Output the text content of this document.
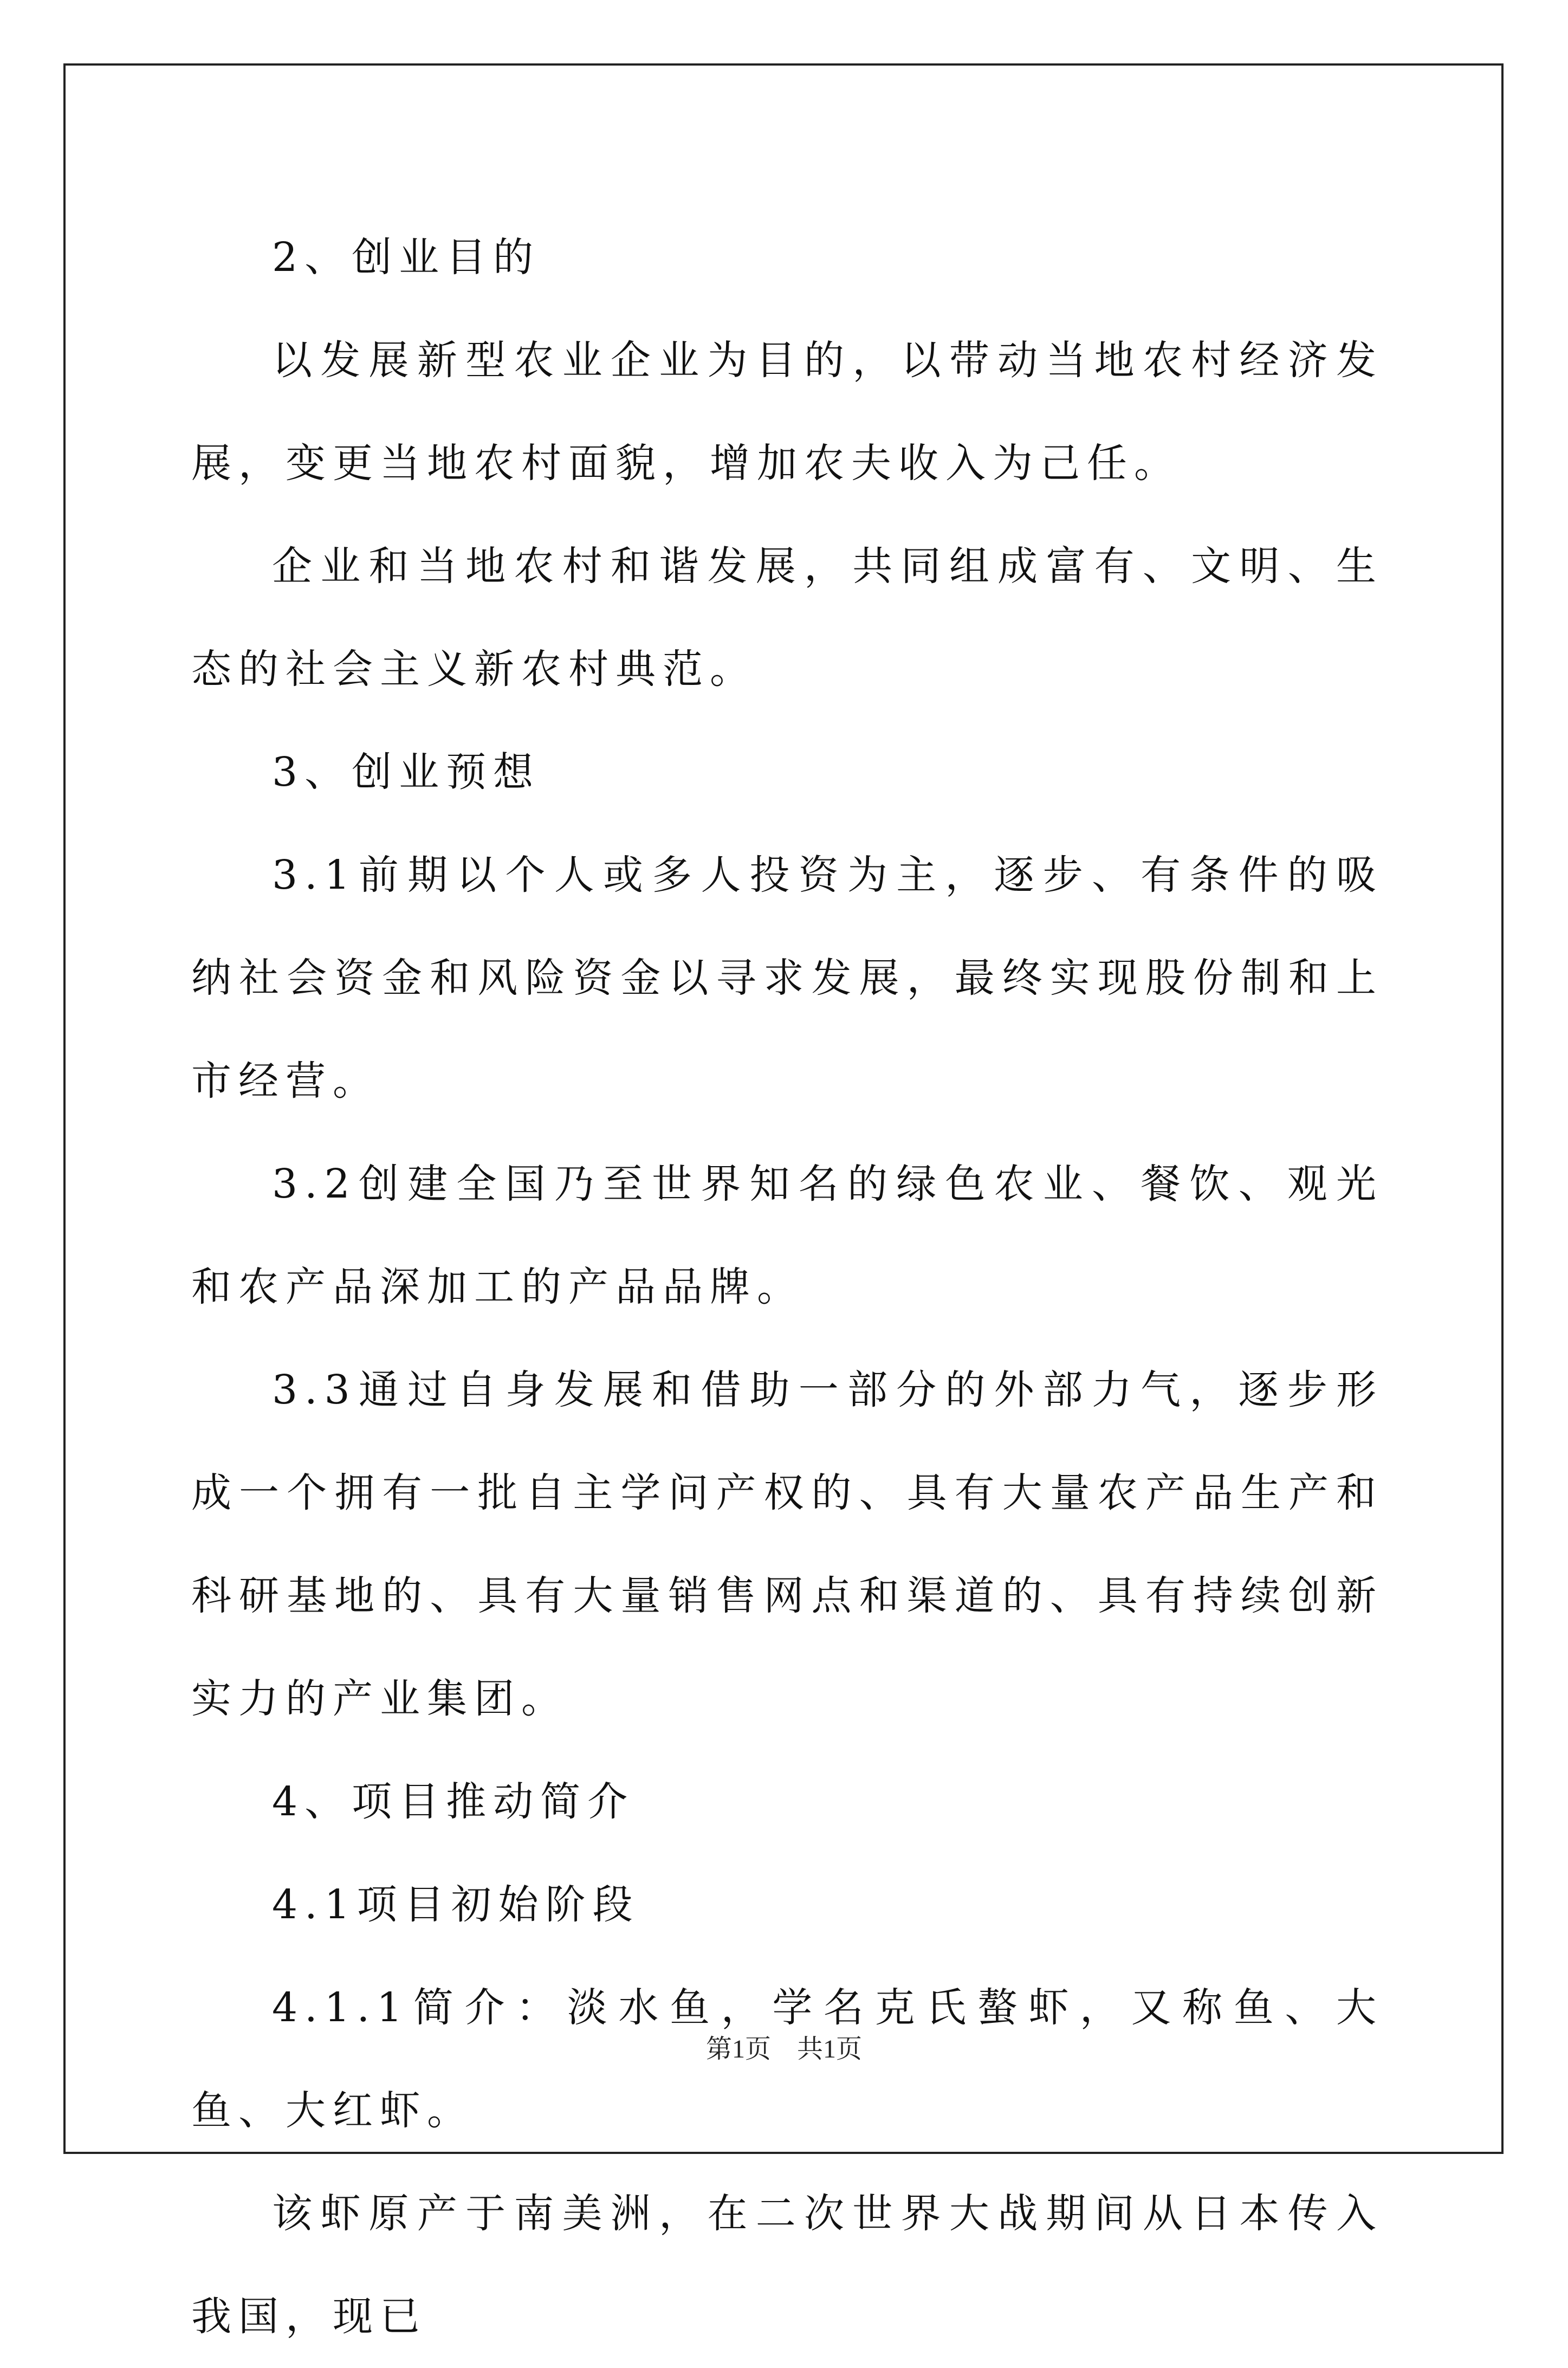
2、创业目的

以发展新型农业企业为目的，以带动当地农村经济发展，变更当地农村面貌，增加农夫收入为己任。

企业和当地农村和谐发展，共同组成富有、文明、生态的社会主义新农村典范。

3、创业预想

3.1前期以个人或多人投资为主，逐步、有条件的吸纳社会资金和风险资金以寻求发展，最终实现股份制和上市经营。

3.2创建全国乃至世界知名的绿色农业、餐饮、观光和农产品深加工的产品品牌。

3.3通过自身发展和借助一部分的外部力气，逐步形成一个拥有一批自主学问产权的、具有大量农产品生产和科研基地的、具有大量销售网点和渠道的、具有持续创新实力的产业集团。

4、项目推动简介

4.1项目初始阶段

4.1.1简介：淡水鱼，学名克氏螯虾，又称鱼、大鱼、大红虾。

该虾原产于南美洲，在二次世界大战期间从日本传入我国，现已

第1页　共1页
